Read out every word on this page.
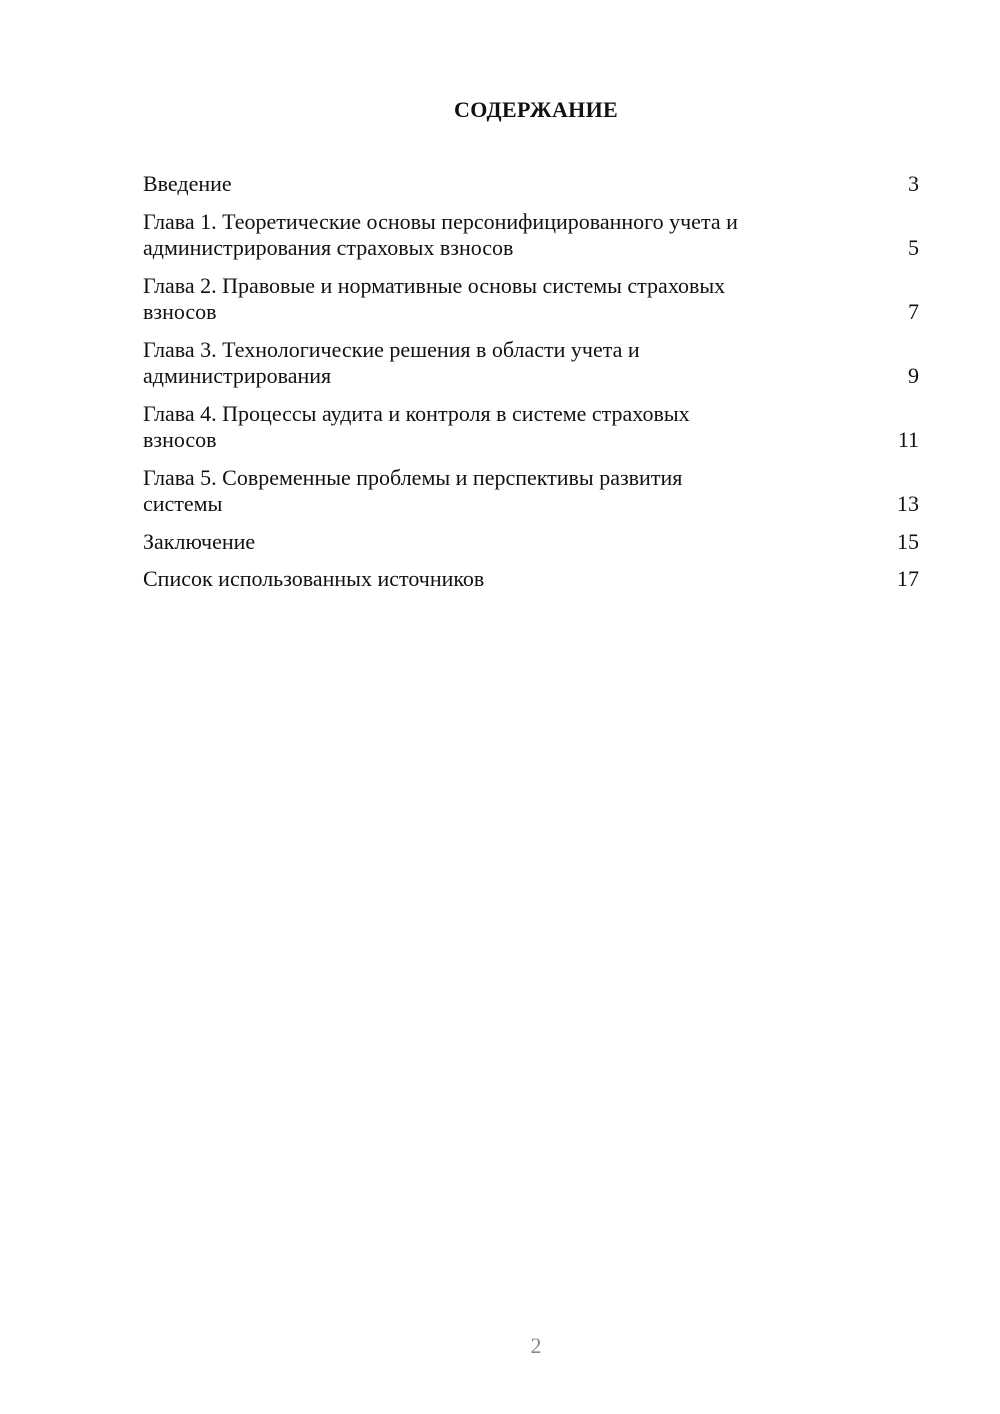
СОДЕРЖАНИЕ
Введение	3
Глава 1. Теоретические основы персонифицированного учета и
администрирования страховых взносов	5
Глава 2. Правовые и нормативные основы системы страховых
взносов	7
Глава 3. Технологические решения в области учета и
администрирования	9
Глава 4. Процессы аудита и контроля в системе страховых
взносов	11
Глава 5. Современные проблемы и перспективы развития
системы	13
Заключение	15
Список использованных источников	17
2
